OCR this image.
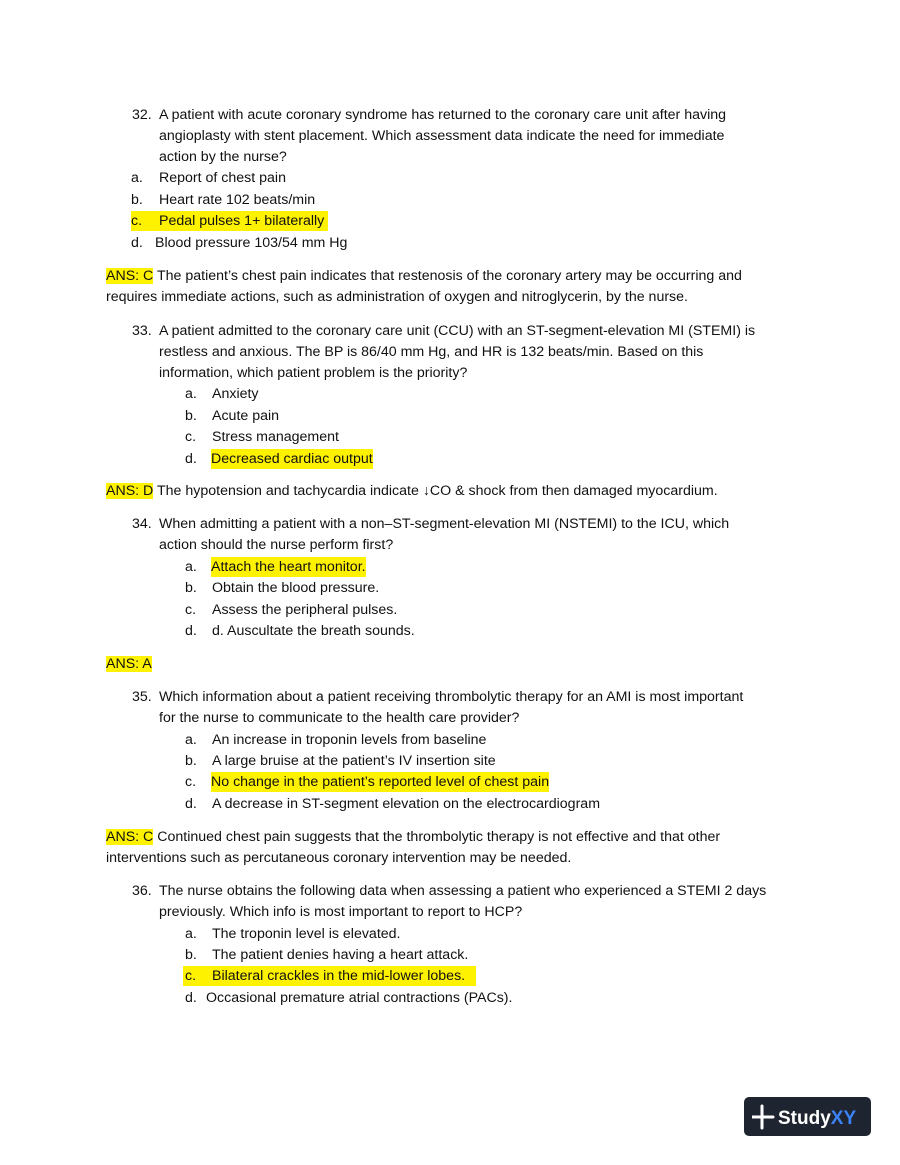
32. A patient with acute coronary syndrome has returned to the coronary care unit after having
angioplasty with stent placement. Which assessment data indicate the need for immediate
action by the nurse?
a. Report of chest pain
b. Heart rate 102 beats/min
c. Pedal pulses 1+ bilaterally
d. Blood pressure 103/54 mm Hg
ANS: C The patient’s chest pain indicates that restenosis of the coronary artery may be occurring and
requires immediate actions, such as administration of oxygen and nitroglycerin, by the nurse.
33. A patient admitted to the coronary care unit (CCU) with an ST-segment-elevation MI (STEMI) is
restless and anxious. The BP is 86/40 mm Hg, and HR is 132 beats/min. Based on this
information, which patient problem is the priority?
a. Anxiety
b. Acute pain
c. Stress management
d. Decreased cardiac output
ANS: D The hypotension and tachycardia indicate ↓CO & shock from then damaged myocardium.
34. When admitting a patient with a non–ST-segment-elevation MI (NSTEMI) to the ICU, which
action should the nurse perform first?
a. Attach the heart monitor.
b. Obtain the blood pressure.
c. Assess the peripheral pulses.
d. d. Auscultate the breath sounds.
ANS: A
35. Which information about a patient receiving thrombolytic therapy for an AMI is most important
for the nurse to communicate to the health care provider?
a. An increase in troponin levels from baseline
b. A large bruise at the patient’s IV insertion site
c. No change in the patient’s reported level of chest pain
d. A decrease in ST-segment elevation on the electrocardiogram
ANS: C Continued chest pain suggests that the thrombolytic therapy is not effective and that other
interventions such as percutaneous coronary intervention may be needed.
36. The nurse obtains the following data when assessing a patient who experienced a STEMI 2 days
previously. Which info is most important to report to HCP?
a. The troponin level is elevated.
b. The patient denies having a heart attack.
c. Bilateral crackles in the mid-lower lobes.
d. Occasional premature atrial contractions (PACs).
StudyXY
